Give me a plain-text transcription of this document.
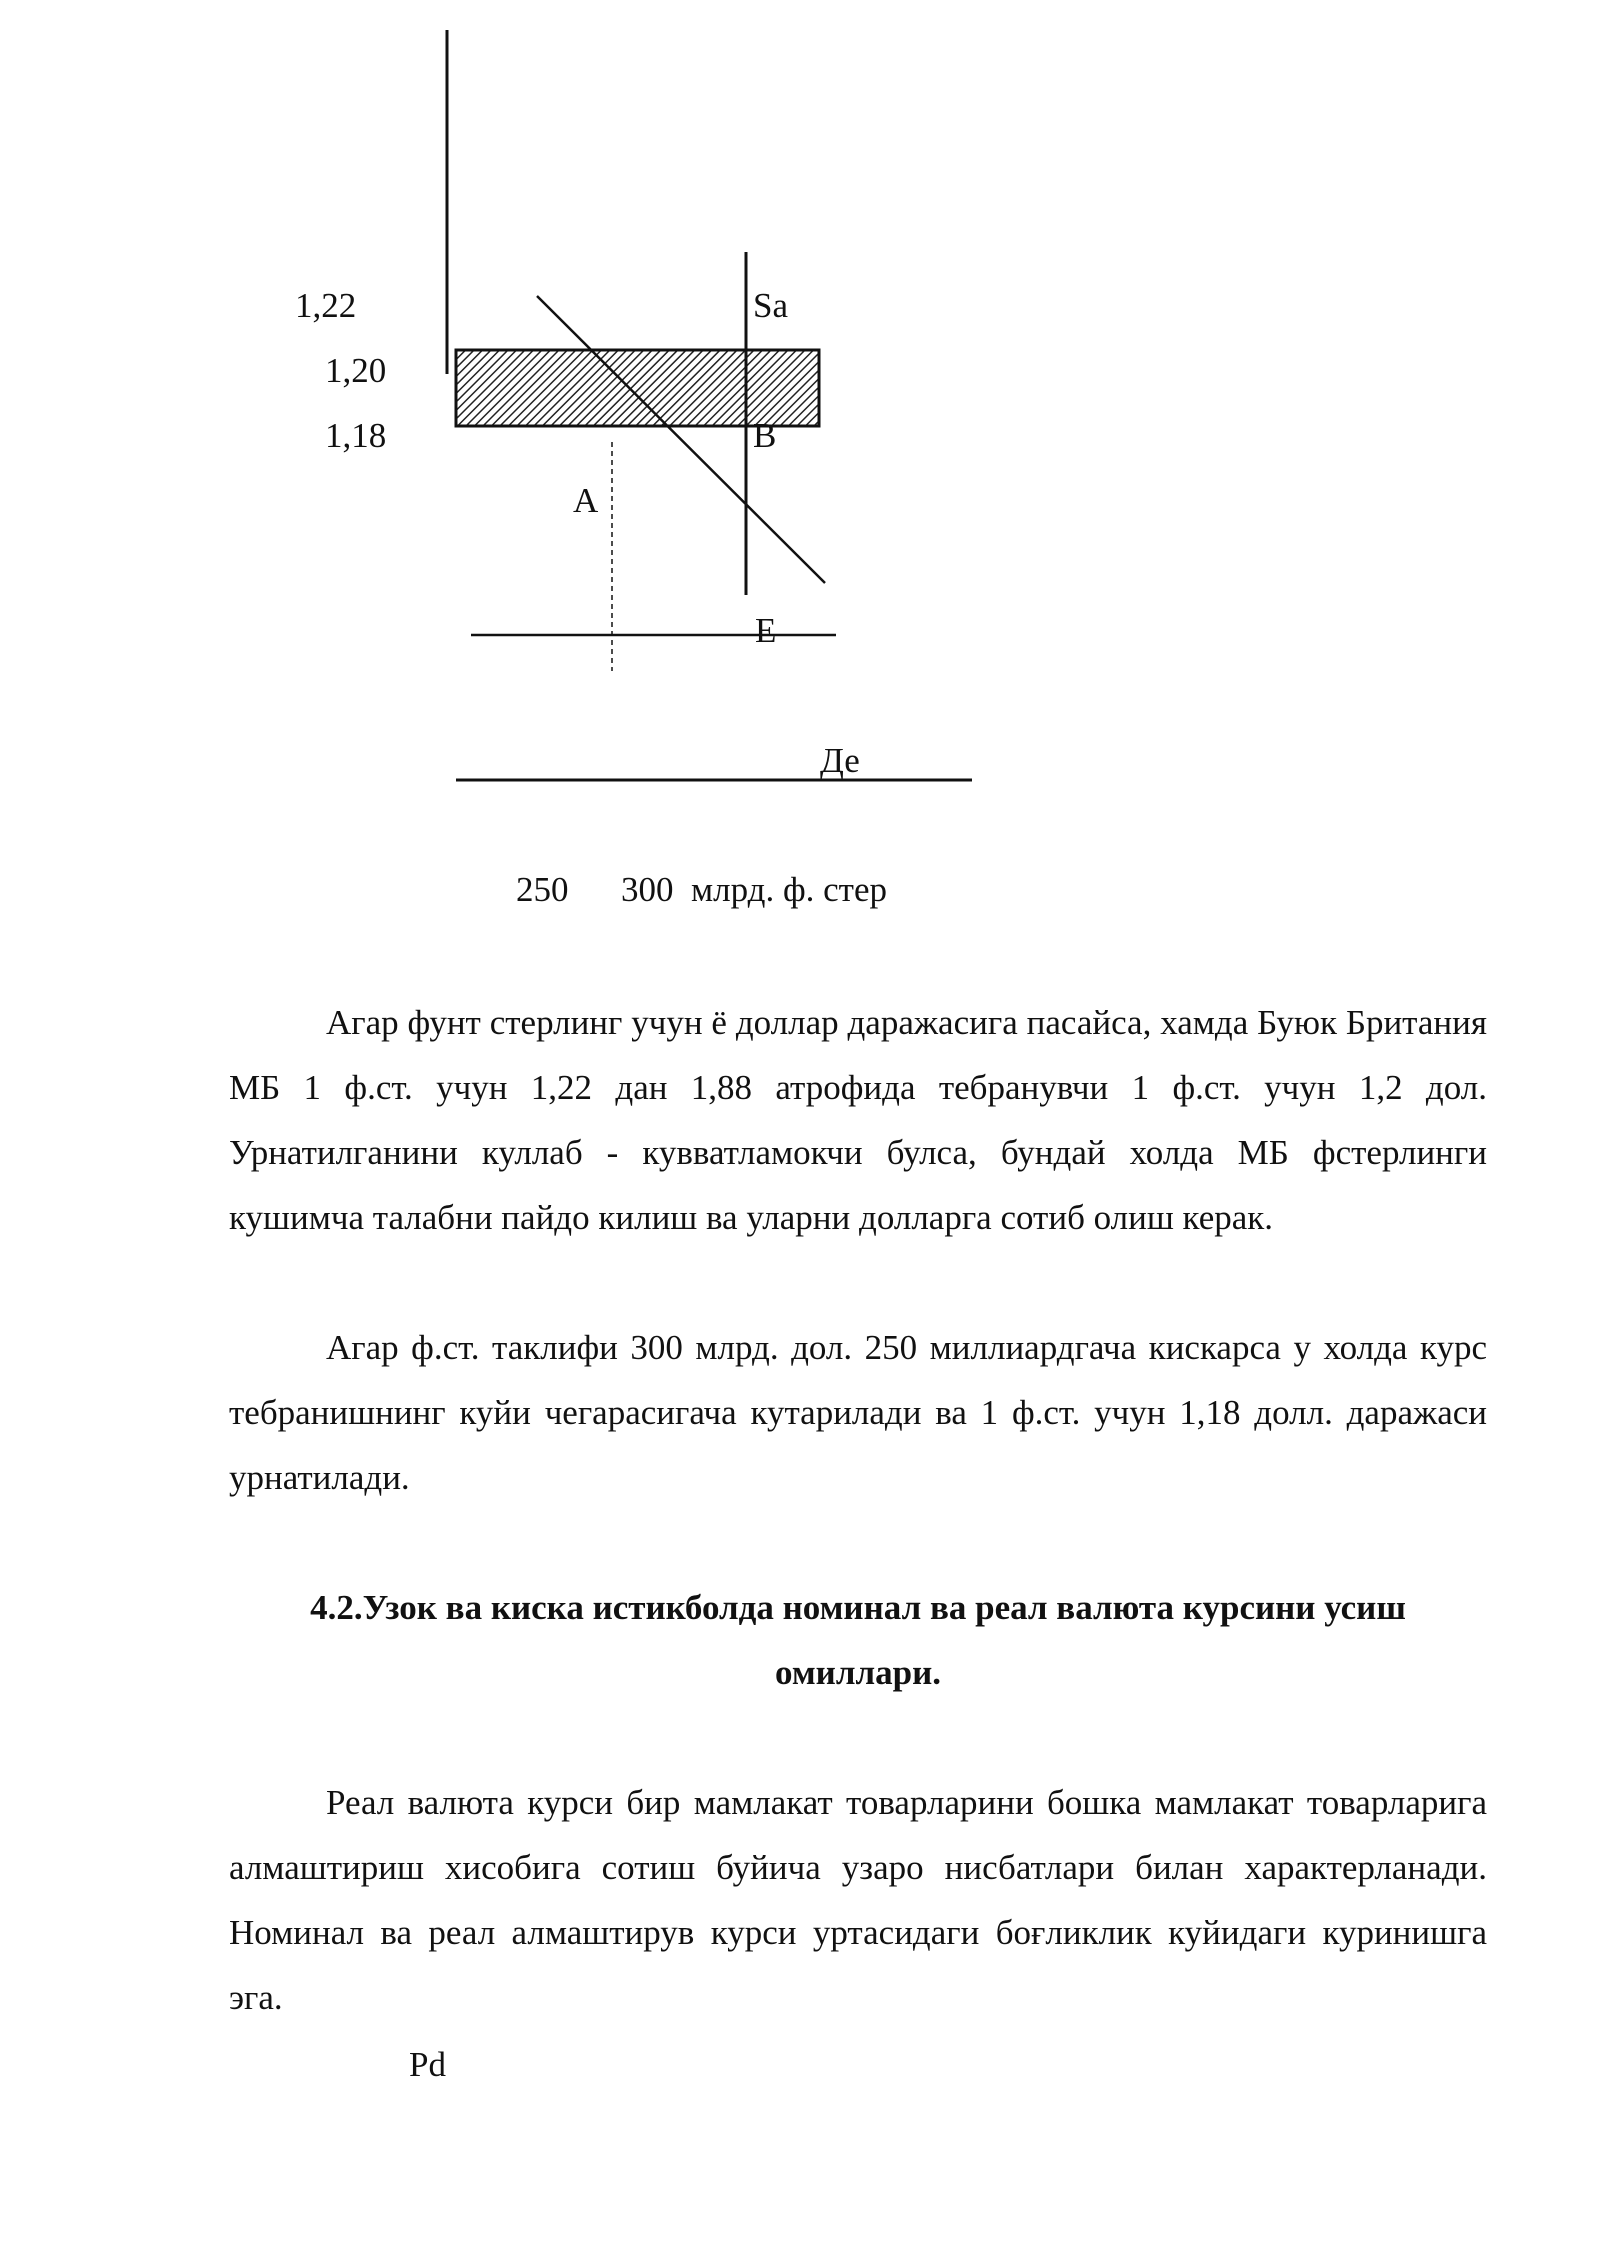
1,22
1,20
1,18
Sa
B
A
E
Де
250      300  млрд. ф. стер

Агар фунт стерлинг учун ё доллар даражасига пасайса, хамда Буюк Британия МБ 1 ф.ст. учун 1,22 дан 1,88 атрофида тебранувчи 1 ф.ст. учун 1,2 дол. Урнатилганини куллаб - кувватламокчи булса, бундай холда МБ фстерлинги кушимча талабни пайдо килиш ва уларни долларга сотиб олиш керак.

Агар ф.ст. таклифи 300 млрд. дол. 250 миллиардгача кискарса у холда курс тебранишнинг куйи чегарасигача кутарилади ва 1 ф.ст. учун 1,18 долл. даражаси урнатилади.

4.2.Узок ва киска истикболда номинал ва реал валюта курсини усиш омиллари.

Реал валюта курси бир мамлакат товарларини бошка мамлакат товарларига алмаштириш хисобига сотиш буйича узаро нисбатлари билан характерланади. Номинал ва реал алмаштирув курси уртасидаги боғликлик куйидаги куринишга эга.

Pd
